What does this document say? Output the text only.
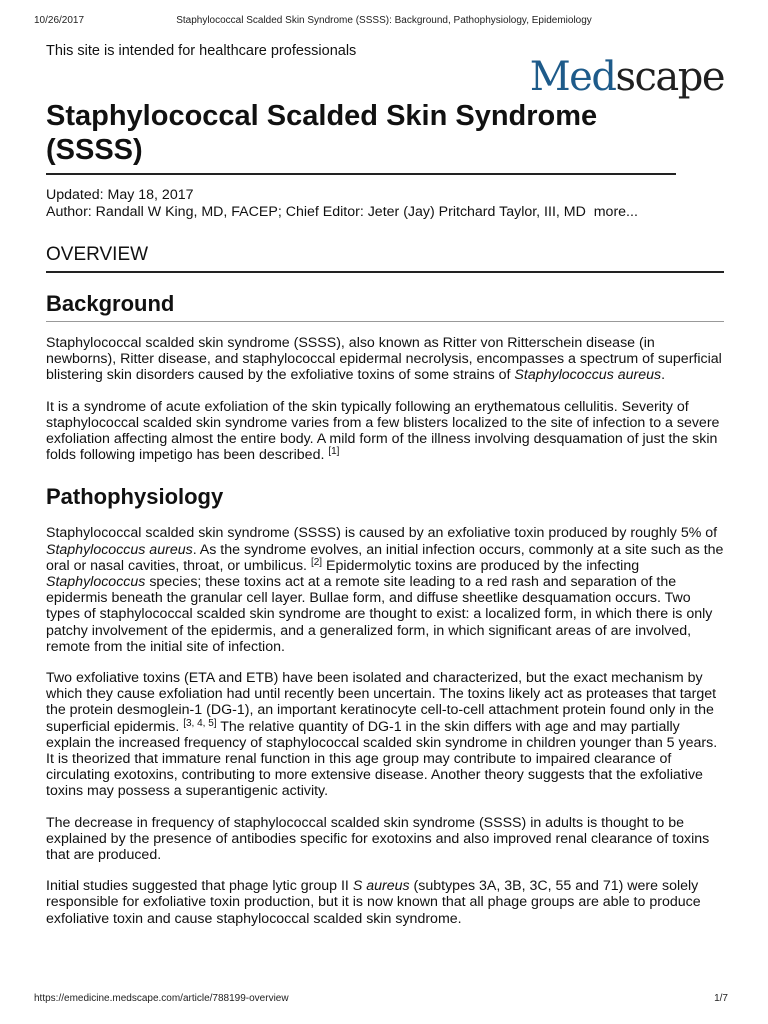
10/26/2017	Staphylococcal Scalded Skin Syndrome (SSSS): Background, Pathophysiology, Epidemiology

This site is intended for healthcare professionals

Medscape
Staphylococcal Scalded Skin Syndrome (SSSS)
Updated: May 18, 2017
Author: Randall W King, MD, FACEP; Chief Editor: Jeter (Jay) Pritchard Taylor, III, MD more...
OVERVIEW
Background

Staphylococcal scalded skin syndrome (SSSS), also known as Ritter von Ritterschein disease (in newborns), Ritter disease, and staphylococcal epidermal necrolysis, encompasses a spectrum of superficial blistering skin disorders caused by the exfoliative toxins of some strains of Staphylococcus aureus.

It is a syndrome of acute exfoliation of the skin typically following an erythematous cellulitis. Severity of staphylococcal scalded skin syndrome varies from a few blisters localized to the site of infection to a severe exfoliation affecting almost the entire body. A mild form of the illness involving desquamation of just the skin folds following impetigo has been described. [1]

Pathophysiology

Staphylococcal scalded skin syndrome (SSSS) is caused by an exfoliative toxin produced by roughly 5% of Staphylococcus aureus. As the syndrome evolves, an initial infection occurs, commonly at a site such as the oral or nasal cavities, throat, or umbilicus. [2] Epidermolytic toxins are produced by the infecting Staphylococcus species; these toxins act at a remote site leading to a red rash and separation of the epidermis beneath the granular cell layer. Bullae form, and diffuse sheetlike desquamation occurs. Two types of staphylococcal scalded skin syndrome are thought to exist: a localized form, in which there is only patchy involvement of the epidermis, and a generalized form, in which significant areas of are involved, remote from the initial site of infection.

Two exfoliative toxins (ETA and ETB) have been isolated and characterized, but the exact mechanism by which they cause exfoliation had until recently been uncertain. The toxins likely act as proteases that target the protein desmoglein-1 (DG-1), an important keratinocyte cell-to-cell attachment protein found only in the superficial epidermis. [3, 4, 5] The relative quantity of DG-1 in the skin differs with age and may partially explain the increased frequency of staphylococcal scalded skin syndrome in children younger than 5 years. It is theorized that immature renal function in this age group may contribute to impaired clearance of circulating exotoxins, contributing to more extensive disease. Another theory suggests that the exfoliative toxins may possess a superantigenic activity.

The decrease in frequency of staphylococcal scalded skin syndrome (SSSS) in adults is thought to be explained by the presence of antibodies specific for exotoxins and also improved renal clearance of toxins that are produced.

Initial studies suggested that phage lytic group II S aureus (subtypes 3A, 3B, 3C, 55 and 71) were solely responsible for exfoliative toxin production, but it is now known that all phage groups are able to produce exfoliative toxin and cause staphylococcal scalded skin syndrome.

https://emedicine.medscape.com/article/788199-overview	1/7
